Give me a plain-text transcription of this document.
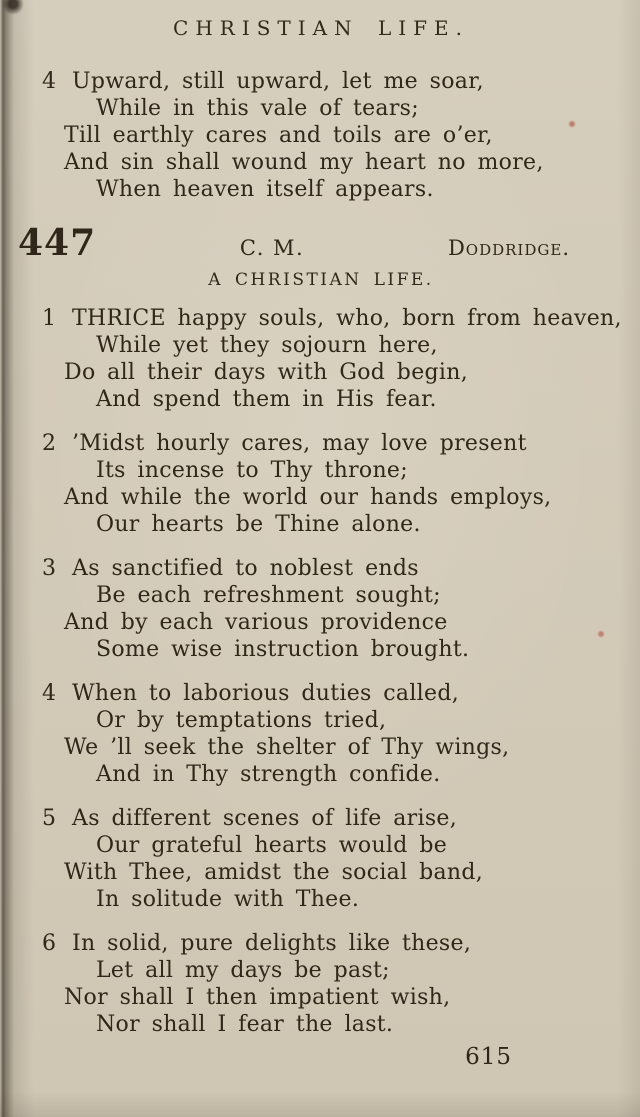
CHRISTIAN LIFE.
4 Upward, still upward, let me soar,
While in this vale of tears;
Till earthly cares and toils are o’er,
And sin shall wound my heart no more,
When heaven itself appears.
447	C. M.	Doddridge.
A CHRISTIAN LIFE.
1 THRICE happy souls, who, born from heaven,
While yet they sojourn here,
Do all their days with God begin,
And spend them in His fear.
2 ’Midst hourly cares, may love present
Its incense to Thy throne;
And while the world our hands employs,
Our hearts be Thine alone.
3 As sanctified to noblest ends
Be each refreshment sought;
And by each various providence
Some wise instruction brought.
4 When to laborious duties called,
Or by temptations tried,
We ’ll seek the shelter of Thy wings,
And in Thy strength confide.
5 As different scenes of life arise,
Our grateful hearts would be
With Thee, amidst the social band,
In solitude with Thee.
6 In solid, pure delights like these,
Let all my days be past;
Nor shall I then impatient wish,
Nor shall I fear the last.
615
